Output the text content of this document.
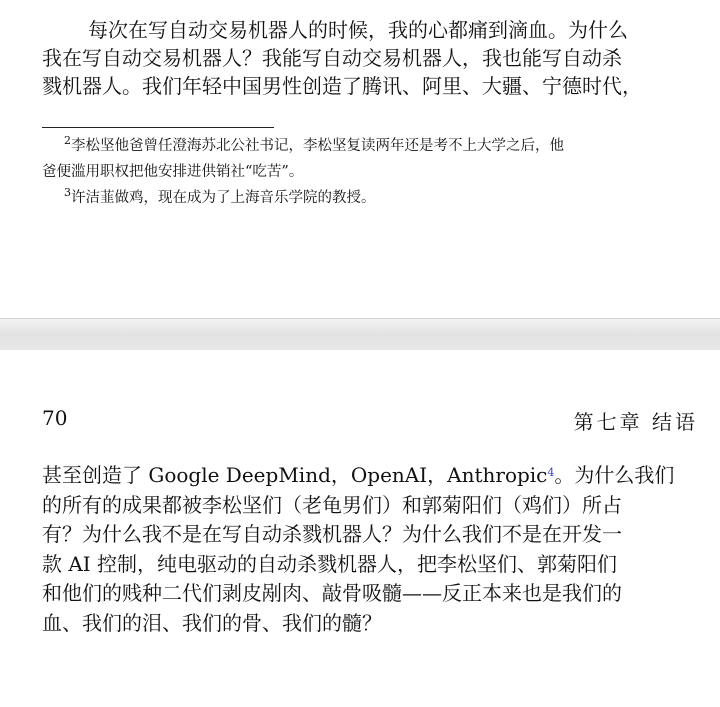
每次在写自动交易机器人的时候，我的心都痛到滴血。为什么
我在写自动交易机器人？我能写自动交易机器人，我也能写自动杀
戮机器人。我们年轻中国男性创造了腾讯、阿里、大疆、宁德时代，
$^2$李松坚他爸曾任澄海苏北公社书记，李松坚复读两年还是考不上大学之后，他
爸便滥用职权把他安排进供销社“吃苦”。
$^3$许洁韮做鸡，现在成为了上海音乐学院的教授。
70	第七章 结语
甚至创造了 Google DeepMind，OpenAI，Anthropic$^4$。为什么我们
的所有的成果都被李松坚们（老龟男们）和郭菊阳们（鸡们）所占
有？为什么我不是在写自动杀戮机器人？为什么我们不是在开发一
款 AI 控制，纯电驱动的自动杀戮机器人，把李松坚们、郭菊阳们
和他们的贱种二代们剥皮剐肉、敲骨吸髓——反正本来也是我们的
血、我们的泪、我们的骨、我们的髓？
